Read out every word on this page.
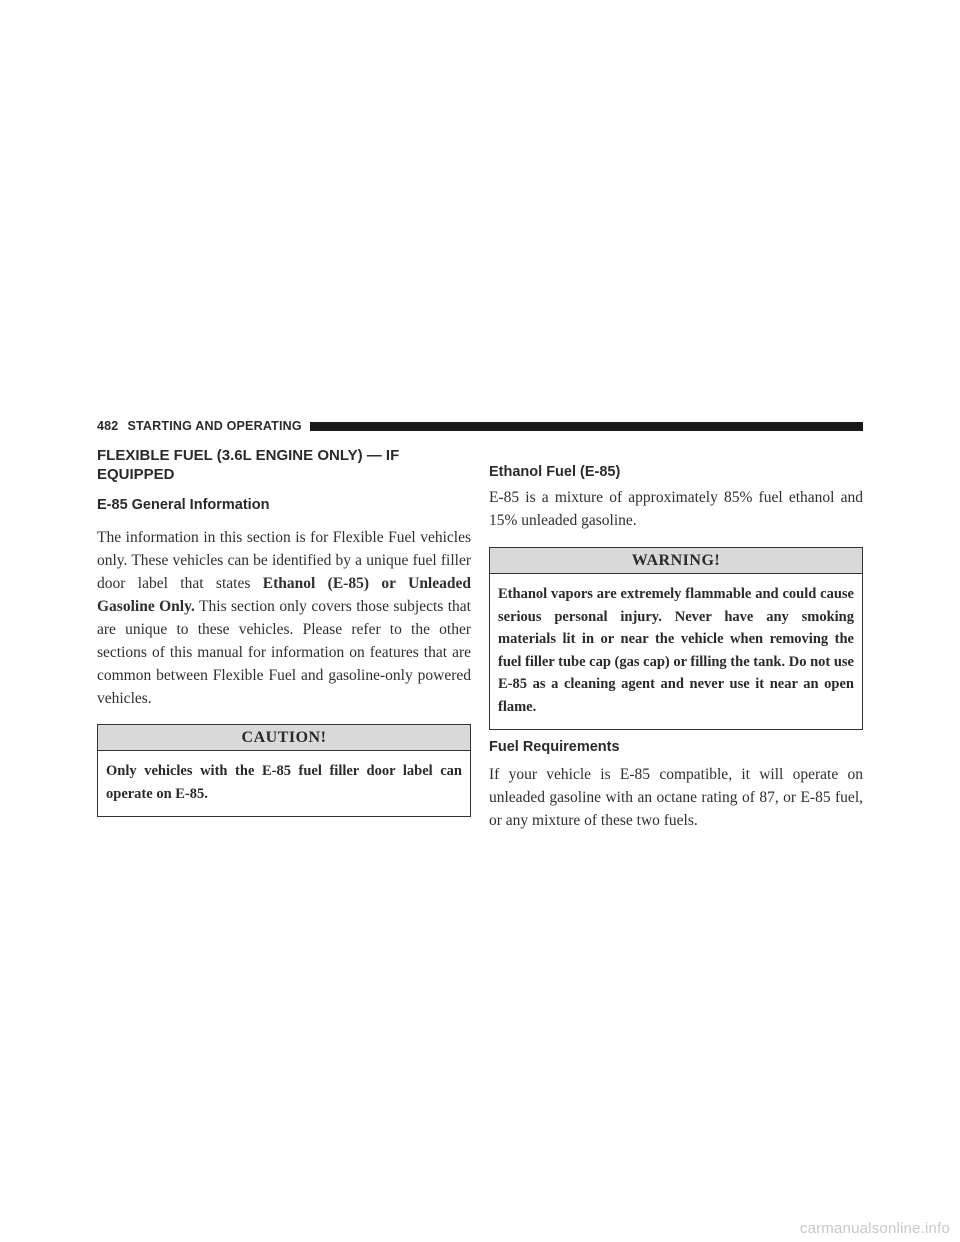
482 STARTING AND OPERATING
FLEXIBLE FUEL (3.6L ENGINE ONLY) — IF EQUIPPED
E-85 General Information

The information in this section is for Flexible Fuel vehicles only. These vehicles can be identified by a unique fuel filler door label that states Ethanol (E-85) or Unleaded Gasoline Only. This section only covers those subjects that are unique to these vehicles. Please refer to the other sections of this manual for information on features that are common between Flexible Fuel and gasoline-only powered vehicles.

CAUTION!
Only vehicles with the E-85 fuel filler door label can operate on E-85.
Ethanol Fuel (E-85)

E-85 is a mixture of approximately 85% fuel ethanol and 15% unleaded gasoline.

WARNING!
Ethanol vapors are extremely flammable and could cause serious personal injury. Never have any smoking materials lit in or near the vehicle when removing the fuel filler tube cap (gas cap) or filling the tank. Do not use E-85 as a cleaning agent and never use it near an open flame.
Fuel Requirements

If your vehicle is E-85 compatible, it will operate on unleaded gasoline with an octane rating of 87, or E-85 fuel, or any mixture of these two fuels.

carmanualsonline.info
